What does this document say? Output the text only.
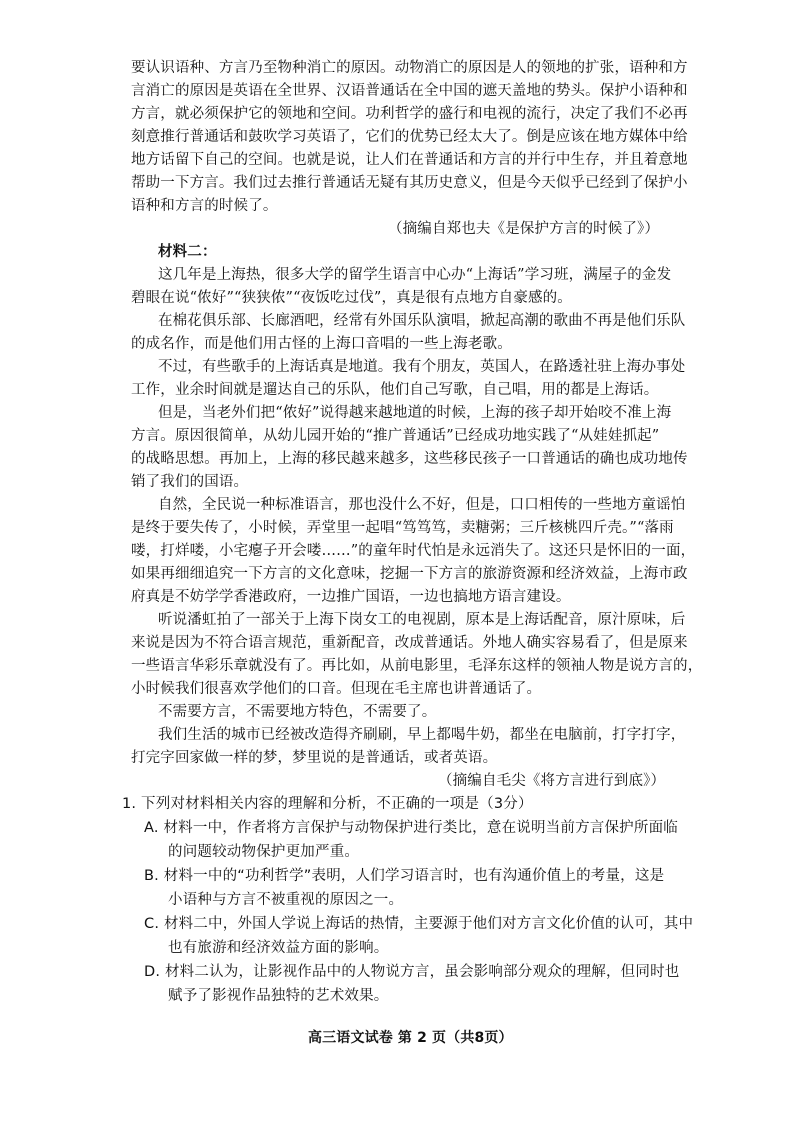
要认识语种、方言乃至物种消亡的原因。动物消亡的原因是人的领地的扩张，语种和方
言消亡的原因是英语在全世界、汉语普通话在全中国的遮天盖地的势头。保护小语种和
方言，就必须保护它的领地和空间。功利哲学的盛行和电视的流行，决定了我们不必再
刻意推行普通话和鼓吹学习英语了，它们的优势已经太大了。倒是应该在地方媒体中给
地方话留下自己的空间。也就是说，让人们在普通话和方言的并行中生存，并且着意地
帮助一下方言。我们过去推行普通话无疑有其历史意义，但是今天似乎已经到了保护小
语种和方言的时候了。
（摘编自郑也夫《是保护方言的时候了》）
材料二：
这几年是上海热，很多大学的留学生语言中心办“上海话”学习班，满屋子的金发
碧眼在说“侬好”“狭狭侬”“夜饭吃过伐”，真是很有点地方自豪感的。
在棉花俱乐部、长廊酒吧，经常有外国乐队演唱，掀起高潮的歌曲不再是他们乐队
的成名作，而是他们用古怪的上海口音唱的一些上海老歌。
不过，有些歌手的上海话真是地道。我有个朋友，英国人，在路透社驻上海办事处
工作，业余时间就是遛达自己的乐队，他们自己写歌，自己唱，用的都是上海话。
但是，当老外们把“侬好”说得越来越地道的时候，上海的孩子却开始咬不准上海
方言。原因很简单，从幼儿园开始的“推广普通话”已经成功地实践了“从娃娃抓起”
的战略思想。再加上，上海的移民越来越多，这些移民孩子一口普通话的确也成功地传
销了我们的国语。
自然，全民说一种标准语言，那也没什么不好，但是，口口相传的一些地方童谣怕
是终于要失传了，小时候，弄堂里一起唱“笃笃笃，卖糖粥；三斤核桃四斤壳。”“落雨
喽，打烊喽，小宅瘪子开会喽……”的童年时代怕是永远消失了。这还只是怀旧的一面，
如果再细细追究一下方言的文化意味，挖掘一下方言的旅游资源和经济效益，上海市政
府真是不妨学学香港政府，一边推广国语，一边也搞地方语言建设。
听说潘虹拍了一部关于上海下岗女工的电视剧，原本是上海话配音，原汁原味，后
来说是因为不符合语言规范，重新配音，改成普通话。外地人确实容易看了，但是原来
一些语言华彩乐章就没有了。再比如，从前电影里，毛泽东这样的领袖人物是说方言的，
小时候我们很喜欢学他们的口音。但现在毛主席也讲普通话了。
不需要方言，不需要地方特色，不需要了。
我们生活的城市已经被改造得齐刷刷，早上都喝牛奶，都坐在电脑前，打字打字，
打完字回家做一样的梦，梦里说的是普通话，或者英语。
（摘编自毛尖《将方言进行到底》）
1. 下列对材料相关内容的理解和分析，不正确的一项是（3分）
A. 材料一中，作者将方言保护与动物保护进行类比，意在说明当前方言保护所面临
的问题较动物保护更加严重。
B. 材料一中的“功利哲学”表明，人们学习语言时，也有沟通价值上的考量，这是
小语种与方言不被重视的原因之一。
C. 材料二中，外国人学说上海话的热情，主要源于他们对方言文化价值的认可，其中
也有旅游和经济效益方面的影响。
D. 材料二认为，让影视作品中的人物说方言，虽会影响部分观众的理解，但同时也
赋予了影视作品独特的艺术效果。
高三语文试卷 第 2 页（共8页）
